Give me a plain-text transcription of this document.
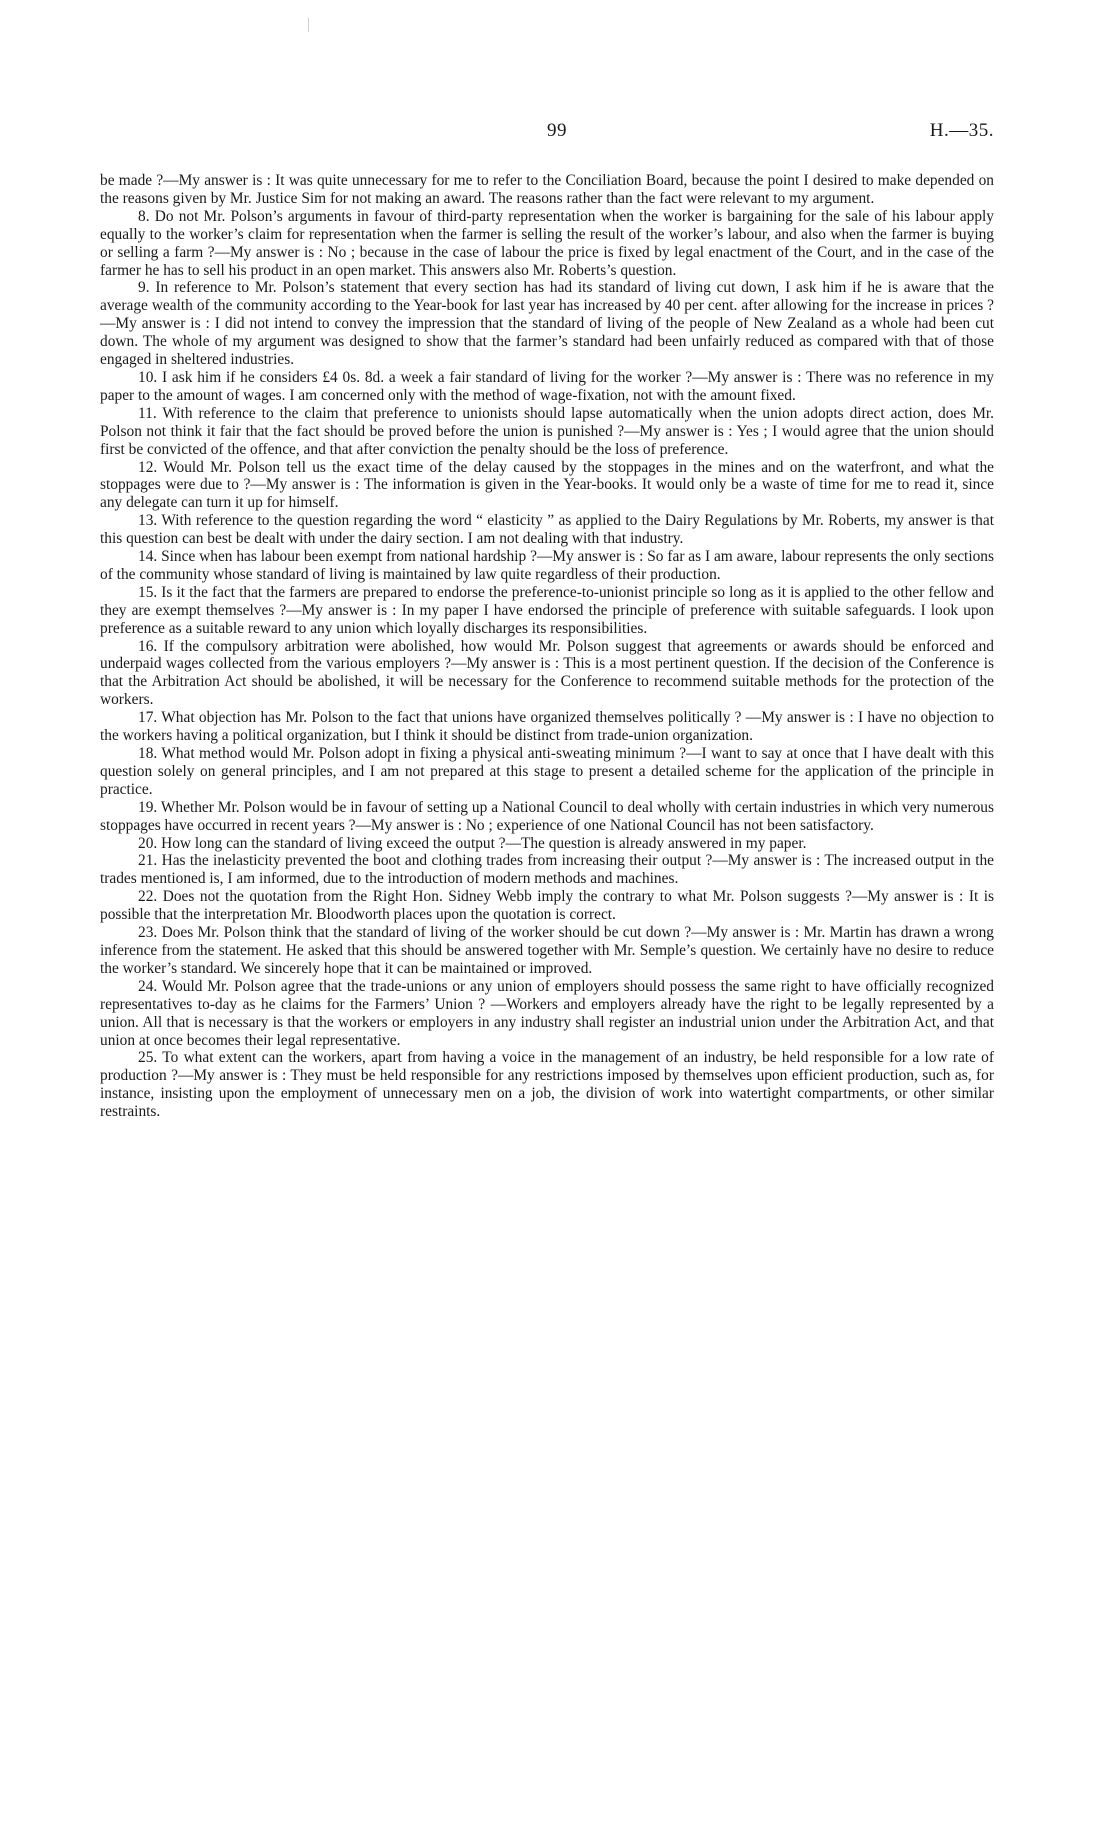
99	H.—35.

be made ?—My answer is : It was quite unnecessary for me to refer to the Conciliation Board, because the point I desired to make depended on the reasons given by Mr. Justice Sim for not making an award. The reasons rather than the fact were relevant to my argument.

8. Do not Mr. Polson’s arguments in favour of third-party representation when the worker is bargaining for the sale of his labour apply equally to the worker’s claim for representation when the farmer is selling the result of the worker’s labour, and also when the farmer is buying or selling a farm ?—My answer is : No ; because in the case of labour the price is fixed by legal enactment of the Court, and in the case of the farmer he has to sell his product in an open market. This answers also Mr. Roberts’s question.

9. In reference to Mr. Polson’s statement that every section has had its standard of living cut down, I ask him if he is aware that the average wealth of the community according to the Year-book for last year has increased by 40 per cent. after allowing for the increase in prices ?—My answer is : I did not intend to convey the impression that the standard of living of the people of New Zealand as a whole had been cut down. The whole of my argument was designed to show that the farmer’s standard had been unfairly reduced as compared with that of those engaged in sheltered industries.

10. I ask him if he considers £4 0s. 8d. a week a fair standard of living for the worker ?—My answer is : There was no reference in my paper to the amount of wages. I am concerned only with the method of wage-fixation, not with the amount fixed.

11. With reference to the claim that preference to unionists should lapse automatically when the union adopts direct action, does Mr. Polson not think it fair that the fact should be proved before the union is punished ?—My answer is : Yes ; I would agree that the union should first be convicted of the offence, and that after conviction the penalty should be the loss of preference.

12. Would Mr. Polson tell us the exact time of the delay caused by the stoppages in the mines and on the waterfront, and what the stoppages were due to ?—My answer is : The information is given in the Year-books. It would only be a waste of time for me to read it, since any delegate can turn it up for himself.

13. With reference to the question regarding the word “ elasticity ” as applied to the Dairy Regulations by Mr. Roberts, my answer is that this question can best be dealt with under the dairy section. I am not dealing with that industry.

14. Since when has labour been exempt from national hardship ?—My answer is : So far as I am aware, labour represents the only sections of the community whose standard of living is maintained by law quite regardless of their production.

15. Is it the fact that the farmers are prepared to endorse the preference-to-unionist principle so long as it is applied to the other fellow and they are exempt themselves ?—My answer is : In my paper I have endorsed the principle of preference with suitable safeguards. I look upon preference as a suitable reward to any union which loyally discharges its responsibilities.

16. If the compulsory arbitration were abolished, how would Mr. Polson suggest that agreements or awards should be enforced and underpaid wages collected from the various employers ?—My answer is : This is a most pertinent question. If the decision of the Conference is that the Arbitration Act should be abolished, it will be necessary for the Conference to recommend suitable methods for the protection of the workers.

17. What objection has Mr. Polson to the fact that unions have organized themselves politically ? —My answer is : I have no objection to the workers having a political organization, but I think it should be distinct from trade-union organization.

18. What method would Mr. Polson adopt in fixing a physical anti-sweating minimum ?—I want to say at once that I have dealt with this question solely on general principles, and I am not prepared at this stage to present a detailed scheme for the application of the principle in practice.

19. Whether Mr. Polson would be in favour of setting up a National Council to deal wholly with certain industries in which very numerous stoppages have occurred in recent years ?—My answer is : No ; experience of one National Council has not been satisfactory.

20. How long can the standard of living exceed the output ?—The question is already answered in my paper.

21. Has the inelasticity prevented the boot and clothing trades from increasing their output ?—My answer is : The increased output in the trades mentioned is, I am informed, due to the introduction of modern methods and machines.

22. Does not the quotation from the Right Hon. Sidney Webb imply the contrary to what Mr. Polson suggests ?—My answer is : It is possible that the interpretation Mr. Bloodworth places upon the quotation is correct.

23. Does Mr. Polson think that the standard of living of the worker should be cut down ?—My answer is : Mr. Martin has drawn a wrong inference from the statement. He asked that this should be answered together with Mr. Semple’s question. We certainly have no desire to reduce the worker’s standard. We sincerely hope that it can be maintained or improved.

24. Would Mr. Polson agree that the trade-unions or any union of employers should possess the same right to have officially recognized representatives to-day as he claims for the Farmers’ Union ? —Workers and employers already have the right to be legally represented by a union. All that is necessary is that the workers or employers in any industry shall register an industrial union under the Arbitration Act, and that union at once becomes their legal representative.

25. To what extent can the workers, apart from having a voice in the management of an industry, be held responsible for a low rate of production ?—My answer is : They must be held responsible for any restrictions imposed by themselves upon efficient production, such as, for instance, insisting upon the employment of unnecessary men on a job, the division of work into watertight compartments, or other similar restraints.
